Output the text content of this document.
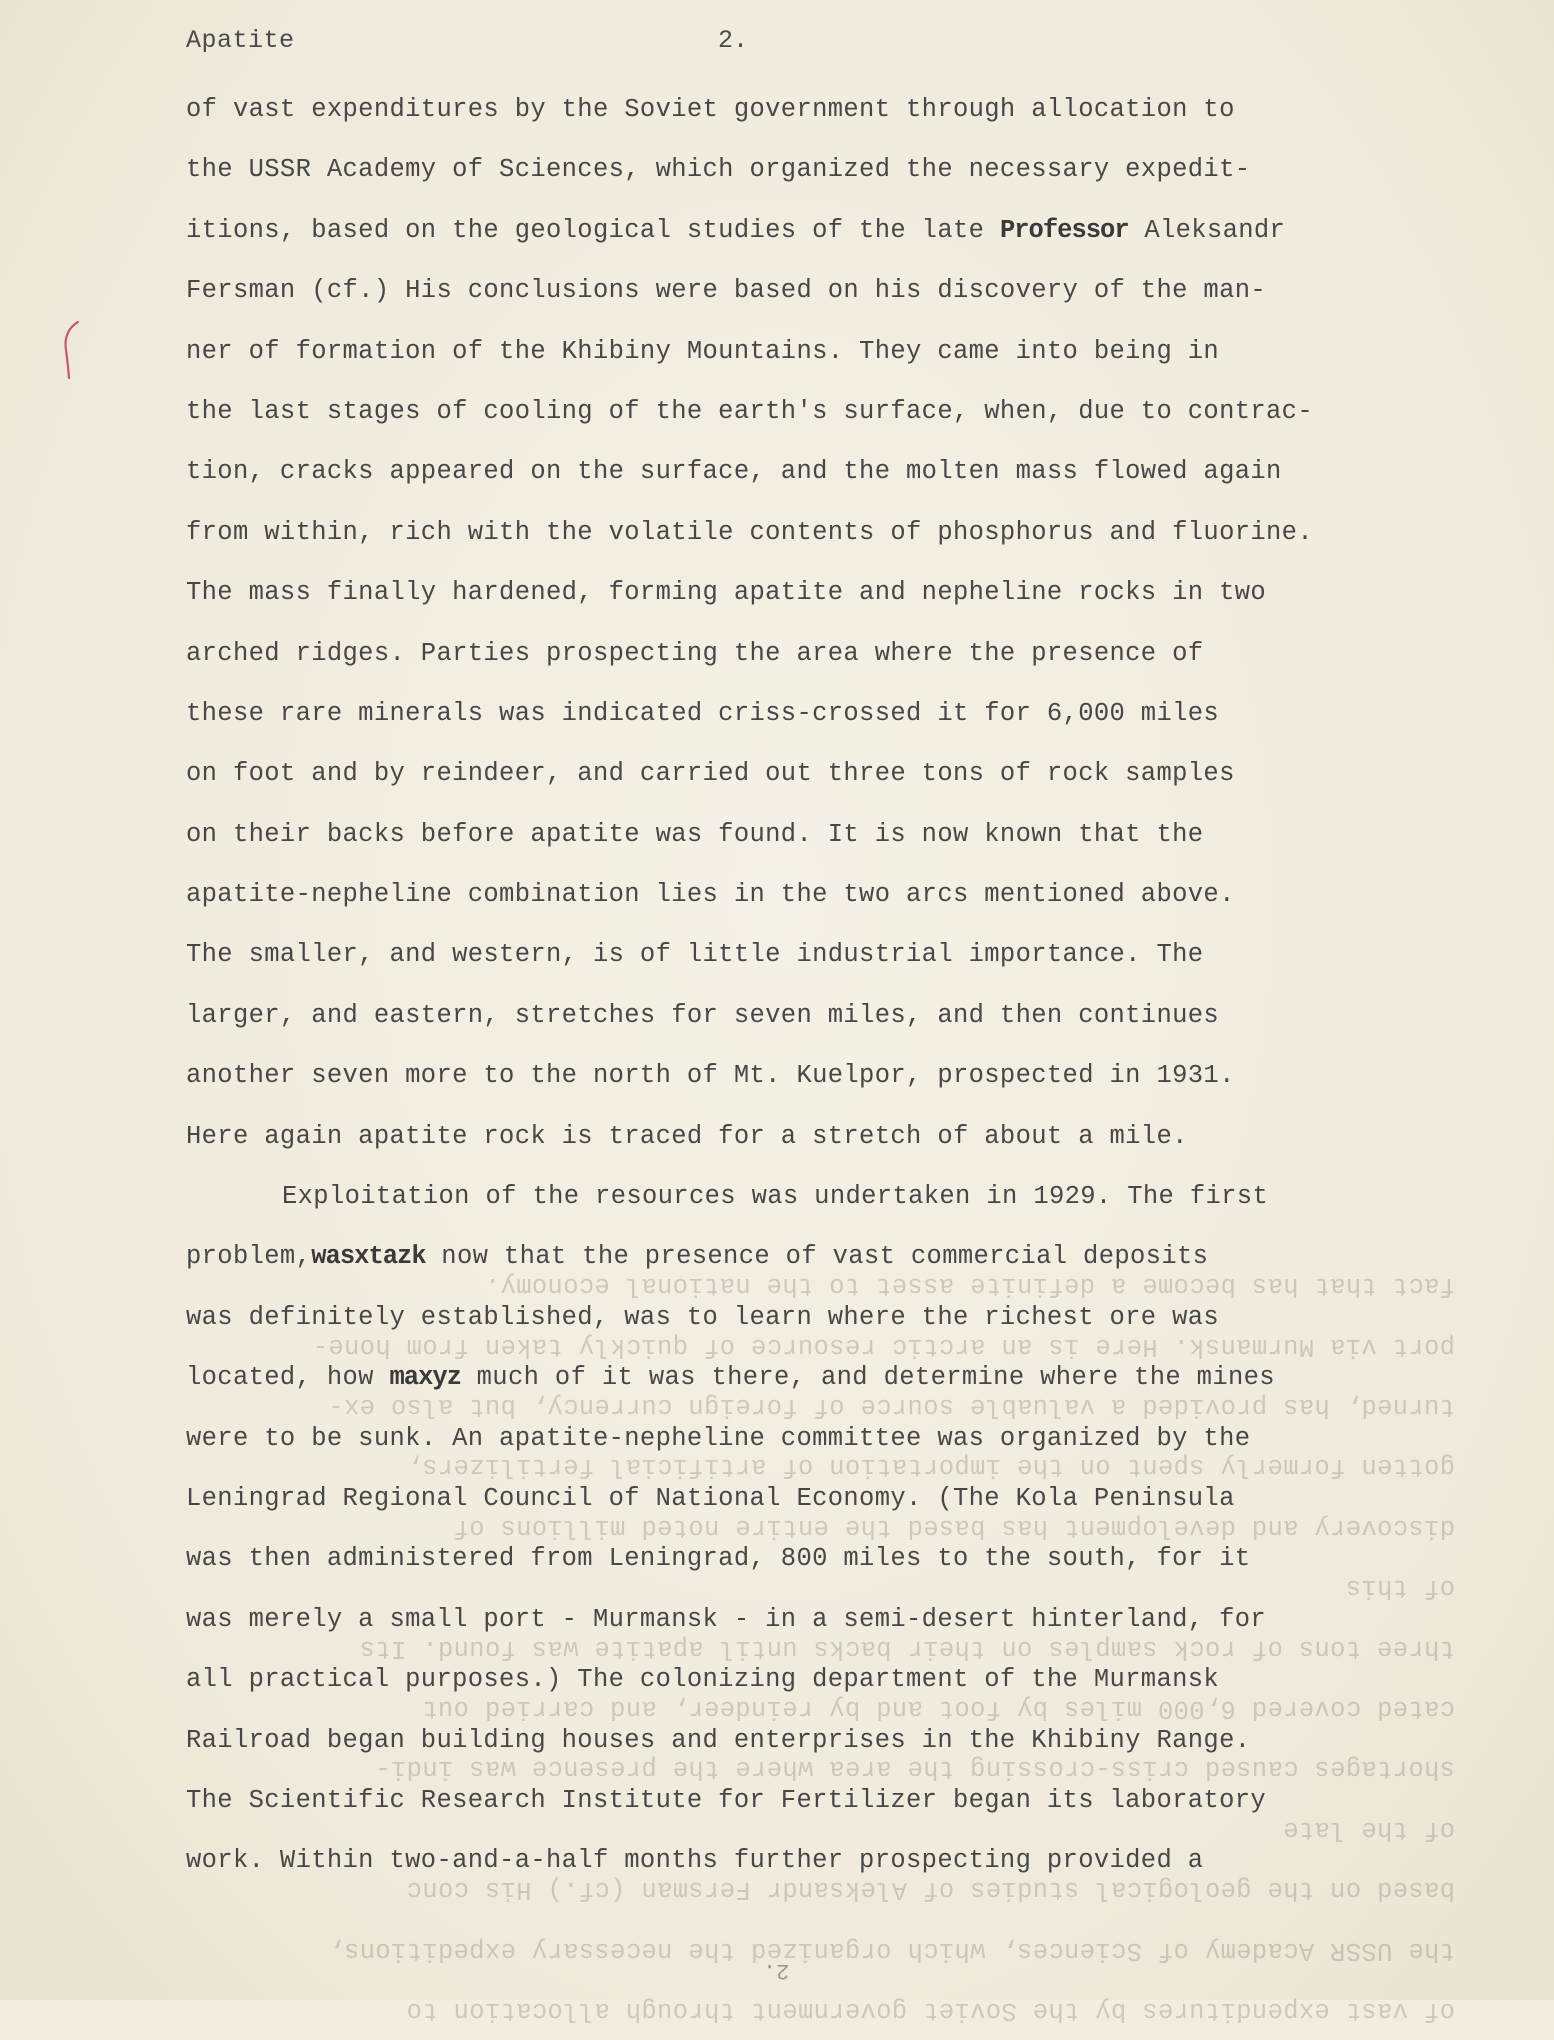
Apatite	2.
of vast expenditures by the Soviet government through allocation to
the USSR Academy of Sciences, which organized the necessary expedit-
itions, based on the geological studies of the late Professor Aleksandr
Fersman (cf.) His conclusions were based on his discovery of the man-
ner of formation of the Khibiny Mountains. They came into being in
the last stages of cooling of the earth's surface, when, due to contrac-
tion, cracks appeared on the surface, and the molten mass flowed again
from within, rich with the volatile contents of phosphorus and fluorine.
The mass finally hardened, forming apatite and nepheline rocks in two
arched ridges. Parties prospecting the area where the presence of
these rare minerals was indicated criss-crossed it for 6,000 miles
on foot and by reindeer, and carried out three tons of rock samples
on their backs before apatite was found. It is now known that the
apatite-nepheline combination lies in the two arcs mentioned above.
The smaller, and western, is of little industrial importance. The
larger, and eastern, stretches for seven miles, and then continues
another seven more to the north of Mt. Kuelpor, prospected in 1931.
Here again apatite rock is traced for a stretch of about a mile.
Exploitation of the resources was undertaken in 1929. The first
problem,wasxtazk now that the presence of vast commercial deposits
was definitely established, was to learn where the richest ore was
located, how maxyz much of it was there, and determine where the mines
were to be sunk. An apatite-nepheline committee was organized by the
Leningrad Regional Council of National Economy. (The Kola Peninsula
was then administered from Leningrad, 800 miles to the south, for it
was merely a small port - Murmansk - in a semi-desert hinterland, for
all practical purposes.) The colonizing department of the Murmansk
Railroad began building houses and enterprises in the Khibiny Range.
The Scientific Research Institute for Fertilizer began its laboratory
work. Within two-and-a-half months further prospecting provided a
of vast expenditures by the Soviet government through allocation to
the USSR Academy of Sciences, which organized the necessary expeditions,
based on the geological studies of Aleksandr Fersman (cf.) His conc
of the late
shortages caused criss-crossing the area where the presence was indi-
cated covered 6,000 miles by foot and by reindeer, and carried out
three tons of rock samples on their backs until apatite was found. Its
of this
discovery and development has based the entire noted millions of
gotten formerly spent on the importation of artificial fertilizers,
turned, has provided a valuable source of foreign currency, but also ex-
port via Murmansk. Here is an arctic resource of quickly taken from hone-
fact that has become a definite asset to the national economy.
2.
